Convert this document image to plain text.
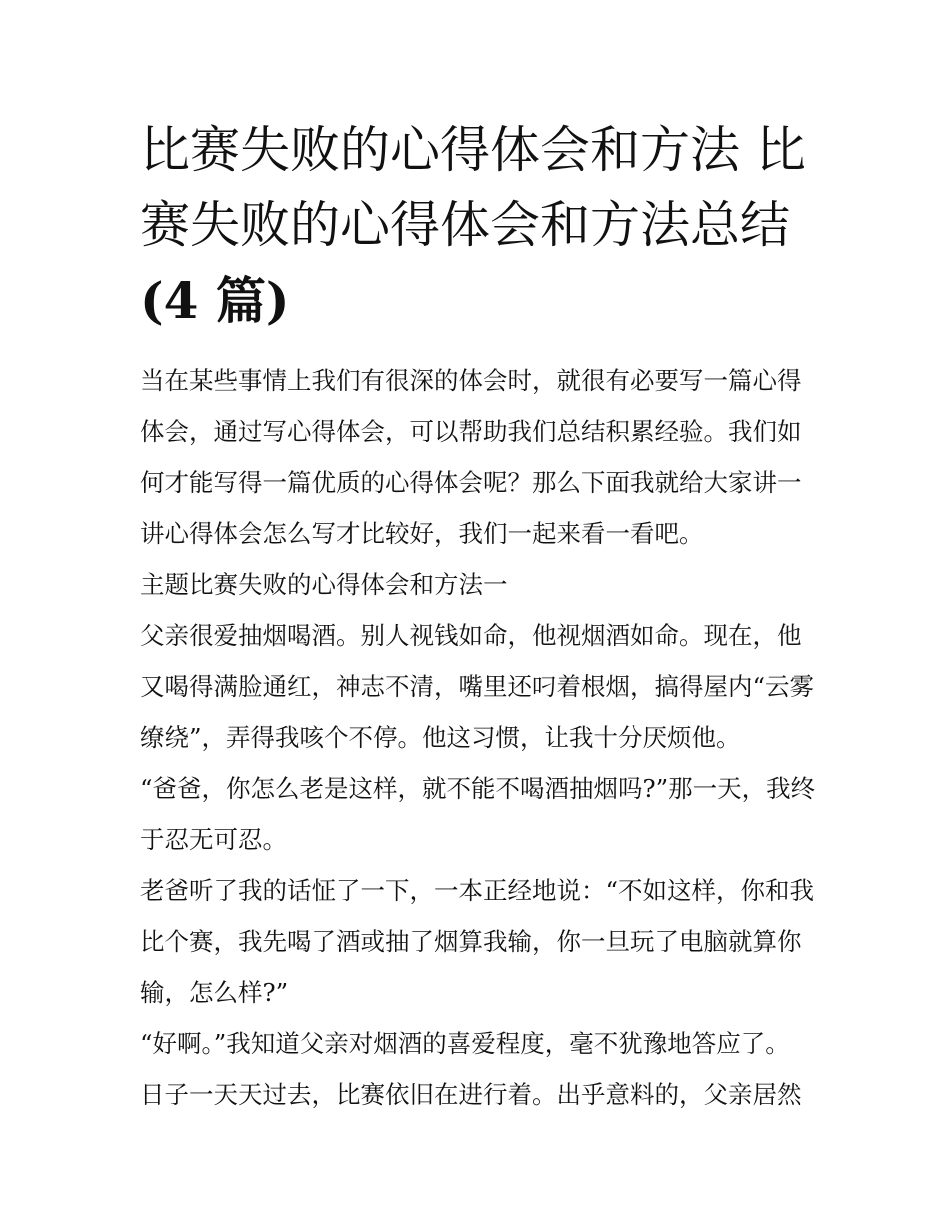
比赛失败的心得体会和方法 比赛失败的心得体会和方法总结
(4 篇)

当在某些事情上我们有很深的体会时，就很有必要写一篇心得体会，通过写心得体会，可以帮助我们总结积累经验。我们如何才能写得一篇优质的心得体会呢？那么下面我就给大家讲一讲心得体会怎么写才比较好，我们一起来看一看吧。

主题比赛失败的心得体会和方法一

父亲很爱抽烟喝酒。别人视钱如命，他视烟酒如命。现在，他又喝得满脸通红，神志不清，嘴里还叼着根烟，搞得屋内“云雾缭绕”，弄得我咳个不停。他这习惯，让我十分厌烦他。

“爸爸，你怎么老是这样，就不能不喝酒抽烟吗?”那一天，我终于忍无可忍。

老爸听了我的话怔了一下，一本正经地说：“不如这样，你和我比个赛，我先喝了酒或抽了烟算我输，你一旦玩了电脑就算你输，怎么样?”

“好啊。”我知道父亲对烟酒的喜爱程度，毫不犹豫地答应了。

日子一天天过去，比赛依旧在进行着。出乎意料的，父亲居然
